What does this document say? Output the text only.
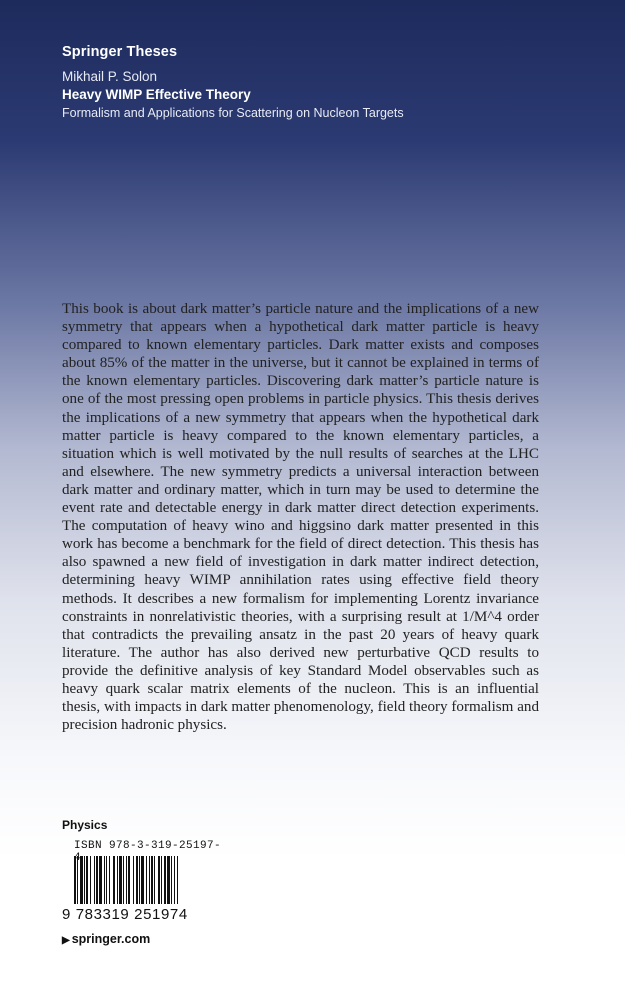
Springer Theses
Mikhail P. Solon
Heavy WIMP Effective Theory
Formalism and Applications for Scattering on Nucleon Targets

This book is about dark matter’s particle nature and the implications of a new symmetry that appears when a hypothetical dark matter particle is heavy compared to known elementary particles. Dark matter exists and composes about 85% of the matter in the universe, but it cannot be explained in terms of the known elementary particles. Discovering dark matter’s particle nature is one of the most pressing open problems in particle physics. This thesis derives the implications of a new symmetry that appears when the hypothetical dark matter particle is heavy compared to the known elementary particles, a situation which is well motivated by the null results of searches at the LHC and elsewhere. The new symmetry predicts a universal interaction between dark matter and ordinary matter, which in turn may be used to determine the event rate and detectable energy in dark matter direct detection experiments. The computation of heavy wino and higgsino dark matter presented in this work has become a benchmark for the field of direct detection. This thesis has also spawned a new field of investigation in dark matter indirect detection, determining heavy WIMP annihilation rates using effective field theory methods. It describes a new formalism for implementing Lorentz invariance constraints in nonrelativistic theories, with a surprising result at 1/M^4 order that contradicts the prevailing ansatz in the past 20 years of heavy quark literature. The author has also derived new perturbative QCD results to provide the definitive analysis of key Standard Model observables such as heavy quark scalar matrix elements of the nucleon. This is an influential thesis, with impacts in dark matter phenomenology, field theory formalism and precision hadronic physics.

Physics
ISBN 978-3-319-25197-4
9 783319 251974
▶ springer.com
